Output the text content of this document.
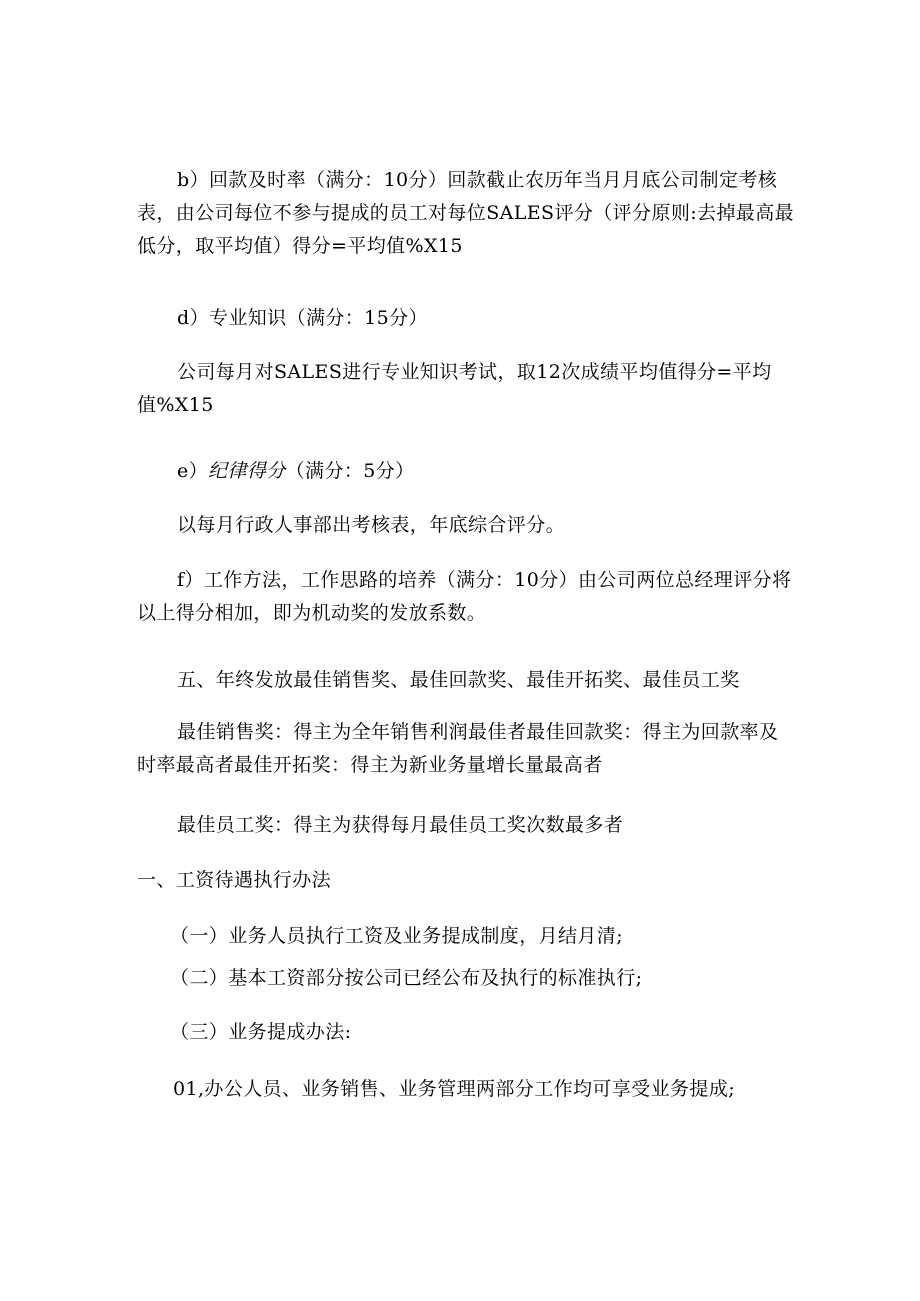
b）回款及时率（满分：10分）回款截止农历年当月月底公司制定考核表，由公司每位不参与提成的员工对每位SALES评分（评分原则:去掉最高最低分，取平均值）得分=平均值%X15

d）专业知识（满分：15分）

公司每月对SALES进行专业知识考试，取12次成绩平均值得分=平均值%X15

e）纪律得分（满分：5分）

以每月行政人事部出考核表，年底综合评分。

f）工作方法，工作思路的培养（满分：10分）由公司两位总经理评分将以上得分相加，即为机动奖的发放系数。

五、年终发放最佳销售奖、最佳回款奖、最佳开拓奖、最佳员工奖

最佳销售奖：得主为全年销售利润最佳者最佳回款奖：得主为回款率及时率最高者最佳开拓奖：得主为新业务量增长量最高者

最佳员工奖：得主为获得每月最佳员工奖次数最多者

一、工资待遇执行办法

（一）业务人员执行工资及业务提成制度，月结月清;

（二）基本工资部分按公司已经公布及执行的标准执行;

（三）业务提成办法:

01,办公人员、业务销售、业务管理两部分工作均可享受业务提成;
